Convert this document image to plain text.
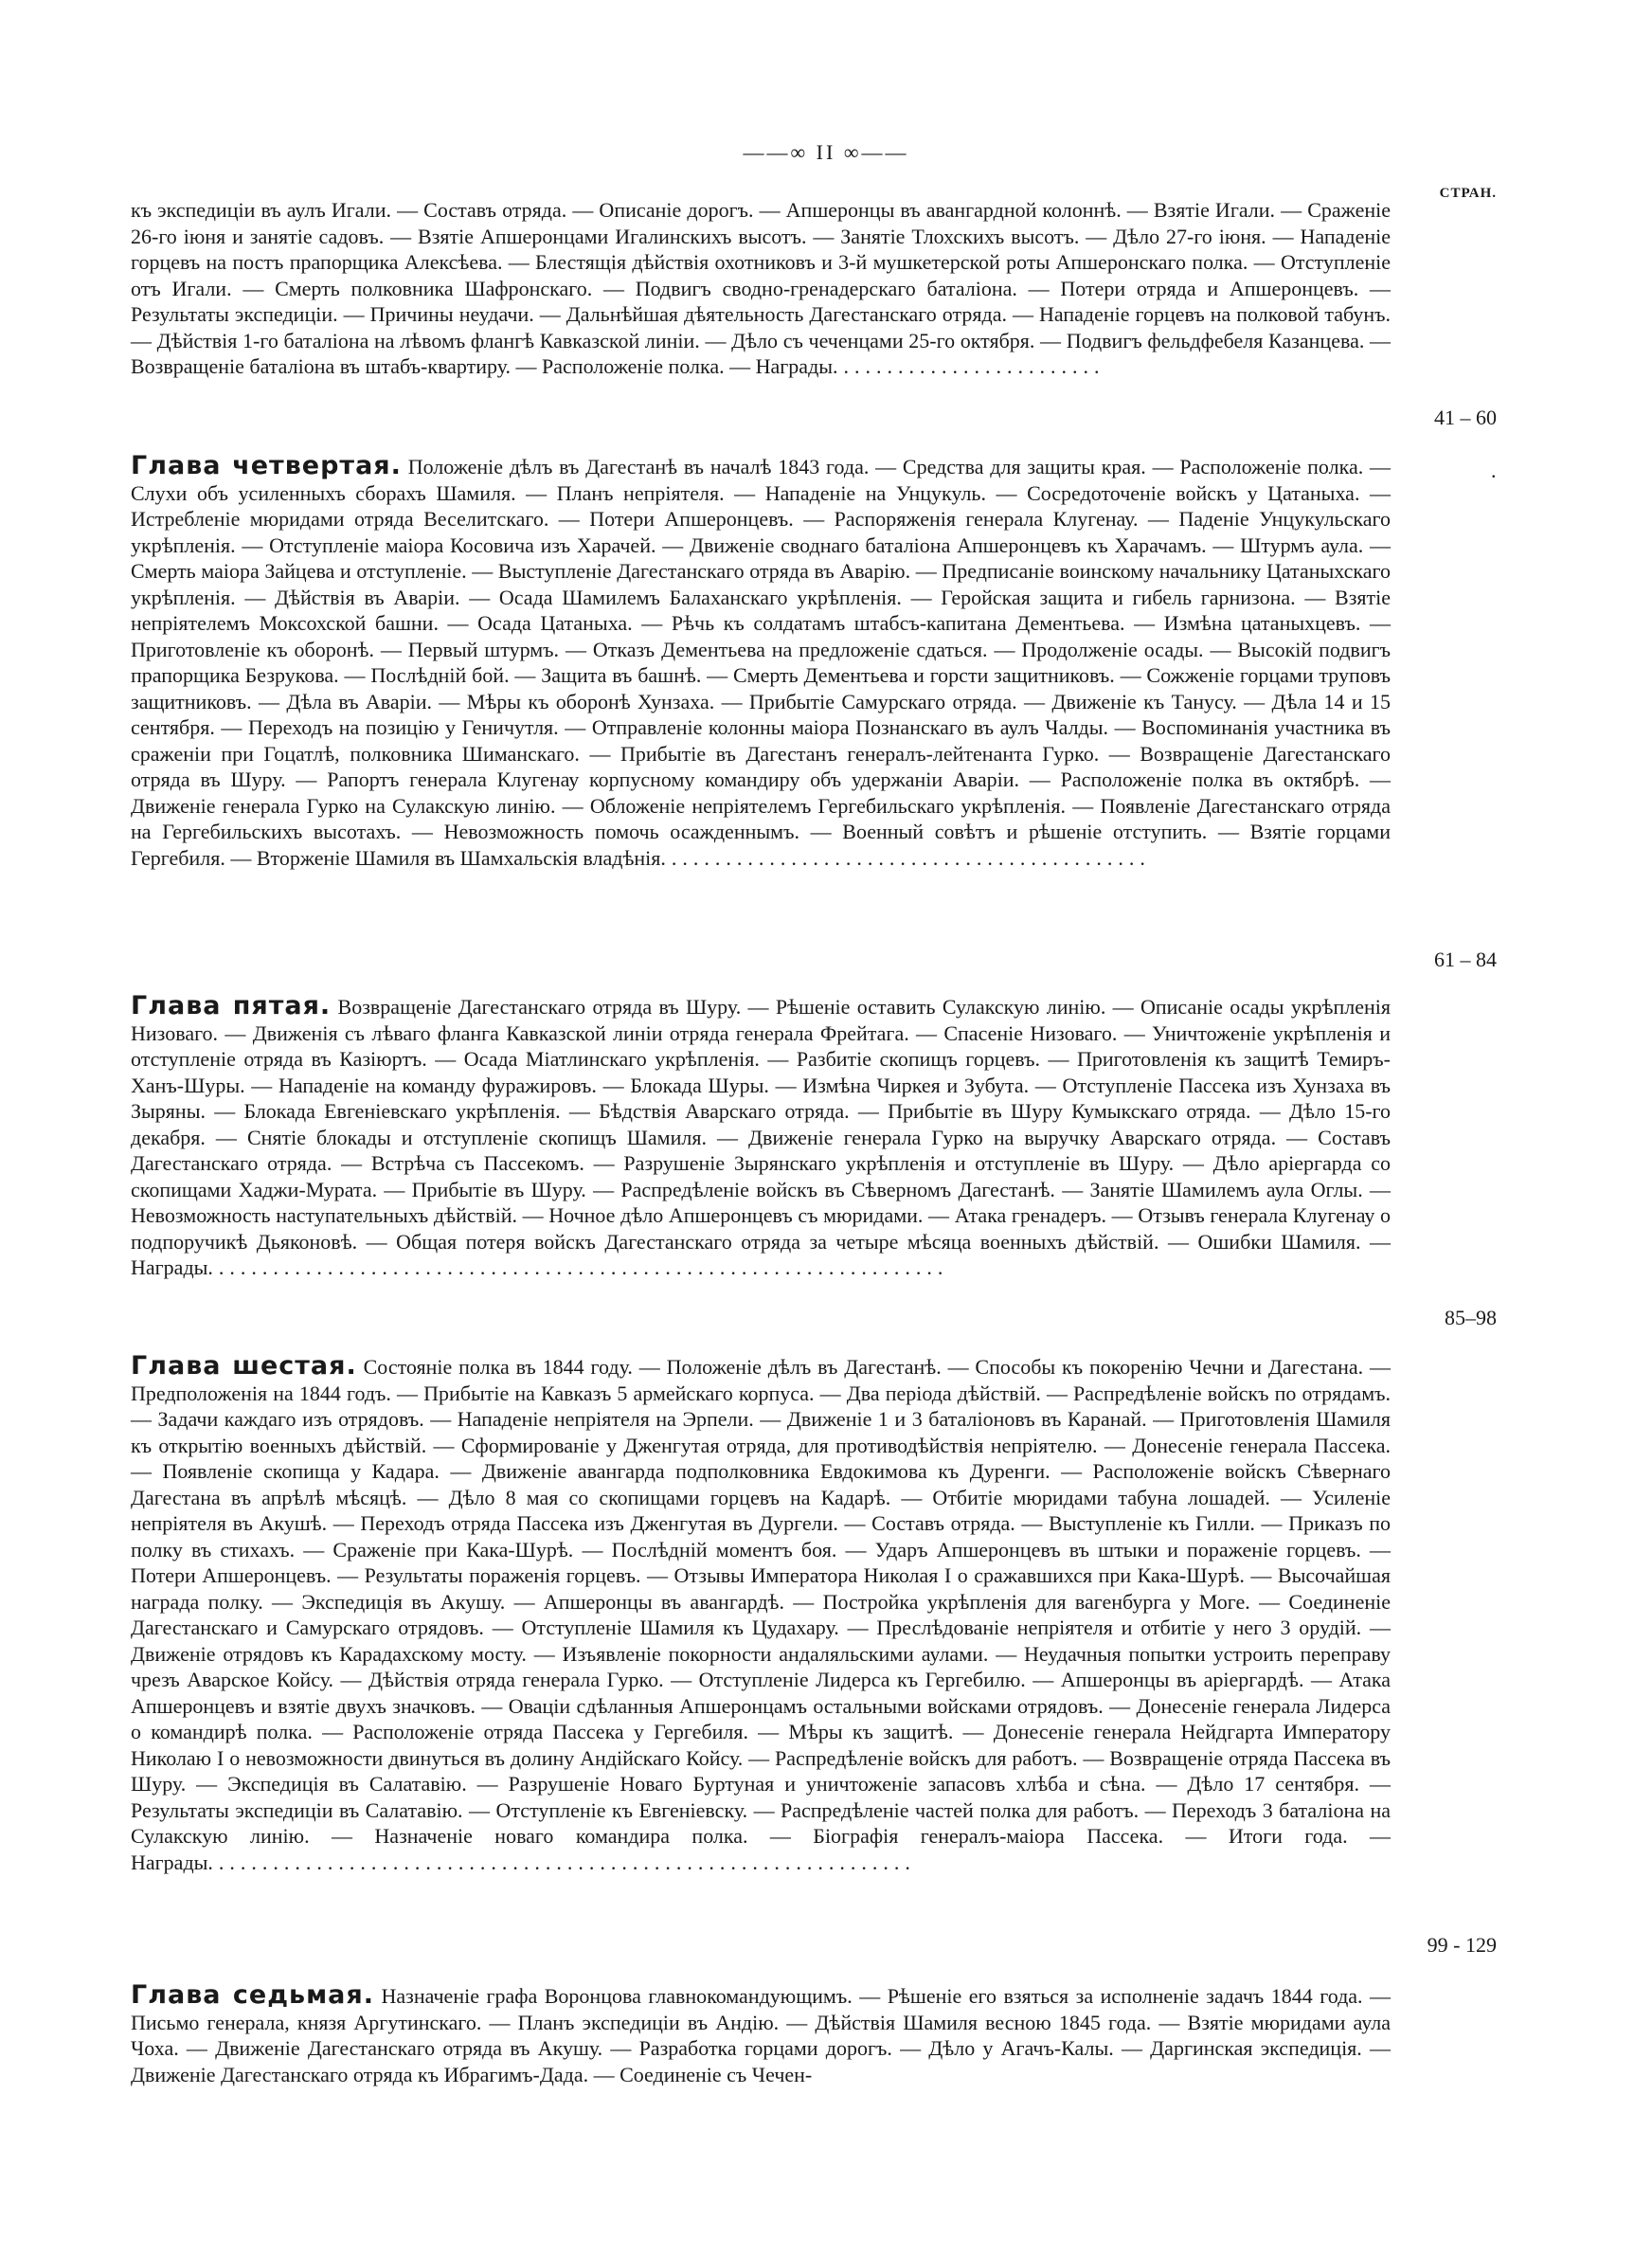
——∞ II ∞——
СТРАН.
къ экспедиціи въ аулъ Игали. — Составъ отряда. — Описаніе дорогъ. — Апшеронцы въ авангардной колоннѣ. — Взятіе Игали. — Сраженіе 26-го іюня и занятіе садовъ. — Взятіе Апшеронцами Игалинскихъ высотъ. — Занятіе Тлохскихъ высотъ. — Дѣло 27-го іюня. — Нападеніе горцевъ на постъ прапорщика Алексѣева. — Блестящія дѣйствія охотниковъ и 3-й мушкетерской роты Апшеронскаго полка. — Отступленіе отъ Игали. — Смерть полковника Шафронскаго. — Подвигъ сводно-гренадерскаго баталіона. — Потери отряда и Апшеронцевъ. — Результаты экспедиціи. — Причины неудачи. — Дальнѣйшая дѣятельность Дагестанскаго отряда. — Нападеніе горцевъ на полковой табунъ. — Дѣйствія 1-го баталіона на лѣвомъ флангѣ Кавказской линіи. — Дѣло съ чеченцами 25-го октября. — Подвигъ фельдфебеля Казанцева. — Возвращеніе баталіона въ штабъ-квартиру. — Расположеніе полка. — Награды.........................
41 – 60
Глава четвертая. Положеніе дѣлъ въ Дагестанѣ въ началѣ 1843 года. — Средства для защиты края. — Расположеніе полка. — Слухи объ усиленныхъ сборахъ Шамиля. — Планъ непріятеля. — Нападеніе на Унцукуль. — Сосредоточеніе войскъ у Цатаныха. — Истребленіе мюридами отряда Веселитскаго. — Потери Апшеронцевъ. — Распоряженія генерала Клугенау. — Паденіе Унцукульскаго укрѣпленія. — Отступленіе маіора Косовича изъ Харачей. — Движеніе своднаго баталіона Апшеронцевъ къ Харачамъ. — Штурмъ аула. — Смерть маіора Зайцева и отступленіе. — Выступленіе Дагестанскаго отряда въ Аварію. — Предписаніе воинскому начальнику Цатаныхскаго укрѣпленія. — Дѣйствія въ Аваріи. — Осада Шамилемъ Балаханскаго укрѣпленія. — Геройская защита и гибель гарнизона. — Взятіе непріятелемъ Моксохской башни. — Осада Цатаныха. — Рѣчь къ солдатамъ штабсъ-капитана Дементьева. — Измѣна цатаныхцевъ. — Приготовленіе къ оборонѣ. — Первый штурмъ. — Отказъ Дементьева на предложеніе сдаться. — Продолженіе осады. — Высокій подвигъ прапорщика Безрукова. — Послѣдній бой. — Защита въ башнѣ. — Смерть Дементьева и горсти защитниковъ. — Сожженіе горцами труповъ защитниковъ. — Дѣла въ Аваріи. — Мѣры къ оборонѣ Хунзаха. — Прибытіе Самурскаго отряда. — Движеніе къ Танусу. — Дѣла 14 и 15 сентября. — Переходъ на позицію у Геничутля. — Отправленіе колонны маіора Познанскаго въ аулъ Чалды. — Воспоминанія участника въ сраженіи при Гоцатлѣ, полковника Шиманскаго. — Прибытіе въ Дагестанъ генералъ-лейтенанта Гурко. — Возвращеніе Дагестанскаго отряда въ Шуру. — Рапортъ генерала Клугенау корпусному командиру объ удержаніи Аваріи. — Расположеніе полка въ октябрѣ. — Движеніе генерала Гурко на Сулакскую линію. — Обложеніе непріятелемъ Гергебильскаго укрѣпленія. — Появленіе Дагестанскаго отряда на Гергебильскихъ высотахъ. — Невозможность помочь осажденнымъ. — Военный совѣтъ и рѣшеніе отступить. — Взятіе горцами Гергебиля. — Вторженіе Шамиля въ Шамхальскія владѣнія.............................................
.
61 – 84
Глава пятая. Возвращеніе Дагестанскаго отряда въ Шуру. — Рѣшеніе оставить Сулакскую линію. — Описаніе осады укрѣпленія Низоваго. — Движенія съ лѣваго фланга Кавказской линіи отряда генерала Фрейтага. — Спасеніе Низоваго. — Уничтоженіе укрѣпленія и отступленіе отряда въ Казіюртъ. — Осада Міатлинскаго укрѣпленія. — Разбитіе скопищъ горцевъ. — Приготовленія къ защитѣ Темиръ-Ханъ-Шуры. — Нападеніе на команду фуражировъ. — Блокада Шуры. — Измѣна Чиркея и Зубута. — Отступленіе Пассека изъ Хунзаха въ Зыряны. — Блокада Евгеніевскаго укрѣпленія. — Бѣдствія Аварскаго отряда. — Прибытіе въ Шуру Кумыкскаго отряда. — Дѣло 15-го декабря. — Снятіе блокады и отступленіе скопищъ Шамиля. — Движеніе генерала Гурко на выручку Аварскаго отряда. — Составъ Дагестанскаго отряда. — Встрѣча съ Пассекомъ. — Разрушеніе Зырянскаго укрѣпленія и отступленіе въ Шуру. — Дѣло аріергарда со скопищами Хаджи-Мурата. — Прибытіе въ Шуру. — Распредѣленіе войскъ въ Сѣверномъ Дагестанѣ. — Занятіе Шамилемъ аула Оглы. — Невозможность наступательныхъ дѣйствій. — Ночное дѣло Апшеронцевъ съ мюридами. — Атака гренадеръ. — Отзывъ генерала Клугенау о подпоручикѣ Дьяконовѣ. — Общая потеря войскъ Дагестанскаго отряда за четыре мѣсяца военныхъ дѣйствій. — Ошибки Шамиля. — Награды....................................................................
85–98
Глава шестая. Состояніе полка въ 1844 году. — Положеніе дѣлъ въ Дагестанѣ. — Способы къ покоренію Чечни и Дагестана. — Предположенія на 1844 годъ. — Прибытіе на Кавказъ 5 армейскаго корпуса. — Два періода дѣйствій. — Распредѣленіе войскъ по отрядамъ. — Задачи каждаго изъ отрядовъ. — Нападеніе непріятеля на Эрпели. — Движеніе 1 и 3 баталіоновъ въ Каранай. — Приготовленія Шамиля къ открытію военныхъ дѣйствій. — Сформированіе у Дженгутая отряда, для противодѣйствія непріятелю. — Донесеніе генерала Пассека. — Появленіе скопища у Кадара. — Движеніе авангарда подполковника Евдокимова къ Дуренги. — Расположеніе войскъ Сѣвернаго Дагестана въ апрѣлѣ мѣсяцѣ. — Дѣло 8 мая со скопищами горцевъ на Кадарѣ. — Отбитіе мюридами табуна лошадей. — Усиленіе непріятеля въ Акушѣ. — Переходъ отряда Пассека изъ Дженгутая въ Дургели. — Составъ отряда. — Выступленіе къ Гилли. — Приказъ по полку въ стихахъ. — Сраженіе при Кака-Шурѣ. — Послѣдній моментъ боя. — Ударъ Апшеронцевъ въ штыки и пораженіе горцевъ. — Потери Апшеронцевъ. — Результаты пораженія горцевъ. — Отзывы Императора Николая I о сражавшихся при Кака-Шурѣ. — Высочайшая награда полку. — Экспедиція въ Акушу. — Апшеронцы въ авангардѣ. — Постройка укрѣпленія для вагенбурга у Моге. — Соединеніе Дагестанскаго и Самурскаго отрядовъ. — Отступленіе Шамиля къ Цудахару. — Преслѣдованіе непріятеля и отбитіе у него 3 орудій. — Движеніе отрядовъ къ Карадахскому мосту. — Изъявленіе покорности андаляльскими аулами. — Неудачныя попытки устроить переправу чрезъ Аварское Койсу. — Дѣйствія отряда генерала Гурко. — Отступленіе Лидерса къ Гергебилю. — Апшеронцы въ аріергардѣ. — Атака Апшеронцевъ и взятіе двухъ значковъ. — Оваціи сдѣланныя Апшеронцамъ остальными войсками отрядовъ. — Донесеніе генерала Лидерса о командирѣ полка. — Расположеніе отряда Пассека у Гергебиля. — Мѣры къ защитѣ. — Донесеніе генерала Нейдгарта Императору Николаю I о невозможности двинуться въ долину Андійскаго Койсу. — Распредѣленіе войскъ для работъ. — Возвращеніе отряда Пассека въ Шуру. — Экспедиція въ Салатавію. — Разрушеніе Новаго Буртуная и уничтоженіе запасовъ хлѣба и сѣна. — Дѣло 17 сентября. — Результаты экспедиціи въ Салатавію. — Отступленіе къ Евгеніевску. — Распредѣленіе частей полка для работъ. — Переходъ 3 баталіона на Сулакскую линію. — Назначеніе новаго командира полка. — Біографія генералъ-маіора Пассека. — Итоги года. — Награды.................................................................
99 - 129
Глава седьмая. Назначеніе графа Воронцова главнокомандующимъ. — Рѣшеніе его взяться за исполненіе задачъ 1844 года. — Письмо генерала, князя Аргутинскаго. — Планъ экспедиціи въ Андію. — Дѣйствія Шамиля весною 1845 года. — Взятіе мюридами аула Чоха. — Движеніе Дагестанскаго отряда въ Акушу. — Разработка горцами дорогъ. — Дѣло у Агачъ-Калы. — Даргинская экспедиція. — Движеніе Дагестанскаго отряда къ Ибрагимъ-Дада. — Соединеніе съ Чечен-
